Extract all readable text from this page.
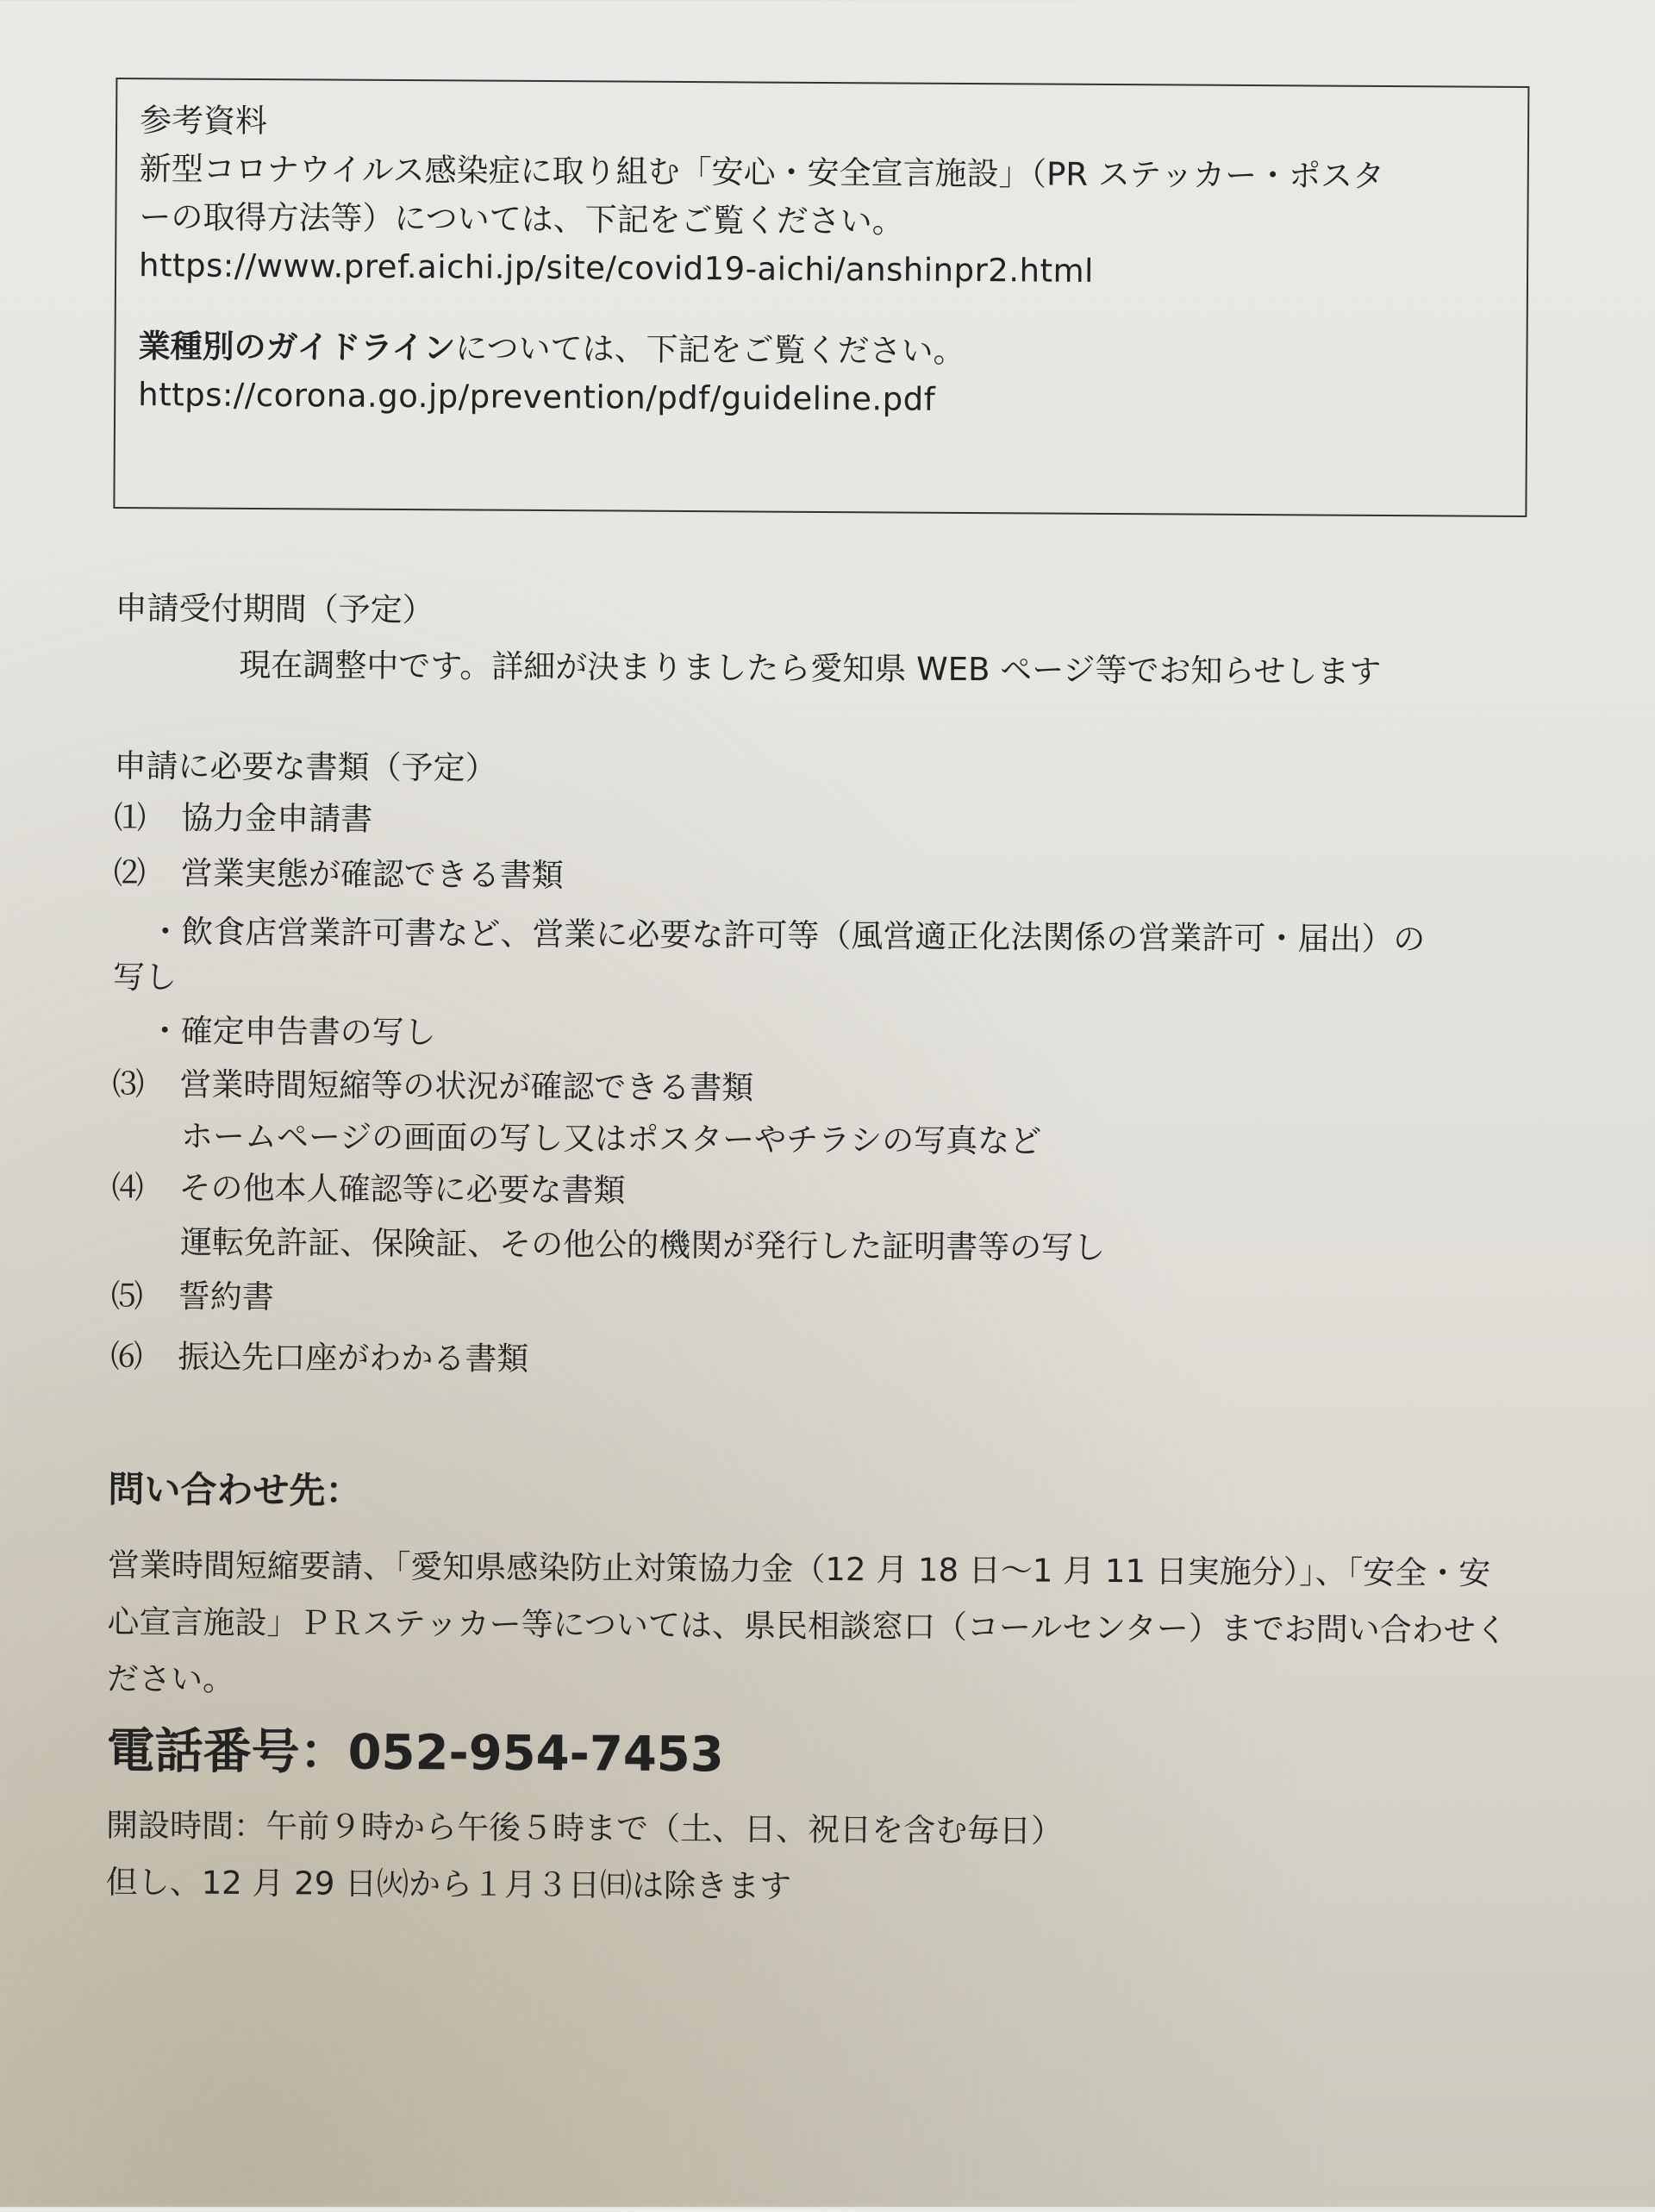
参考資料
新型コロナウイルス感染症に取り組む「安心・安全宣言施設」（PR ステッカー・ポスタ
ーの取得方法等）については、下記をご覧ください。
https://www.pref.aichi.jp/site/covid19-aichi/anshinpr2.html
業種別のガイドラインについては、下記をご覧ください。
https://corona.go.jp/prevention/pdf/guideline.pdf
申請受付期間（予定）
現在調整中です。詳細が決まりましたら愛知県 WEB ページ等でお知らせします
申請に必要な書類（予定）
⑴ 協力金申請書
⑵ 営業実態が確認できる書類
・飲食店営業許可書など、営業に必要な許可等（風営適正化法関係の営業許可・届出）の
写し
・確定申告書の写し
⑶ 営業時間短縮等の状況が確認できる書類
ホームページの画面の写し又はポスターやチラシの写真など
⑷ その他本人確認等に必要な書類
運転免許証、保険証、その他公的機関が発行した証明書等の写し
⑸ 誓約書
⑹ 振込先口座がわかる書類
問い合わせ先：
営業時間短縮要請、「愛知県感染防止対策協力金（12 月 18 日～1 月 11 日実施分）」、「安全・安心宣言施設」ＰＲステッカー等については、県民相談窓口（コールセンター）までお問い合わせください。
電話番号：052-954-7453
開設時間：午前９時から午後５時まで（土、日、祝日を含む毎日）
但し、12 月 29 日㈫から１月３日㈰は除きます
